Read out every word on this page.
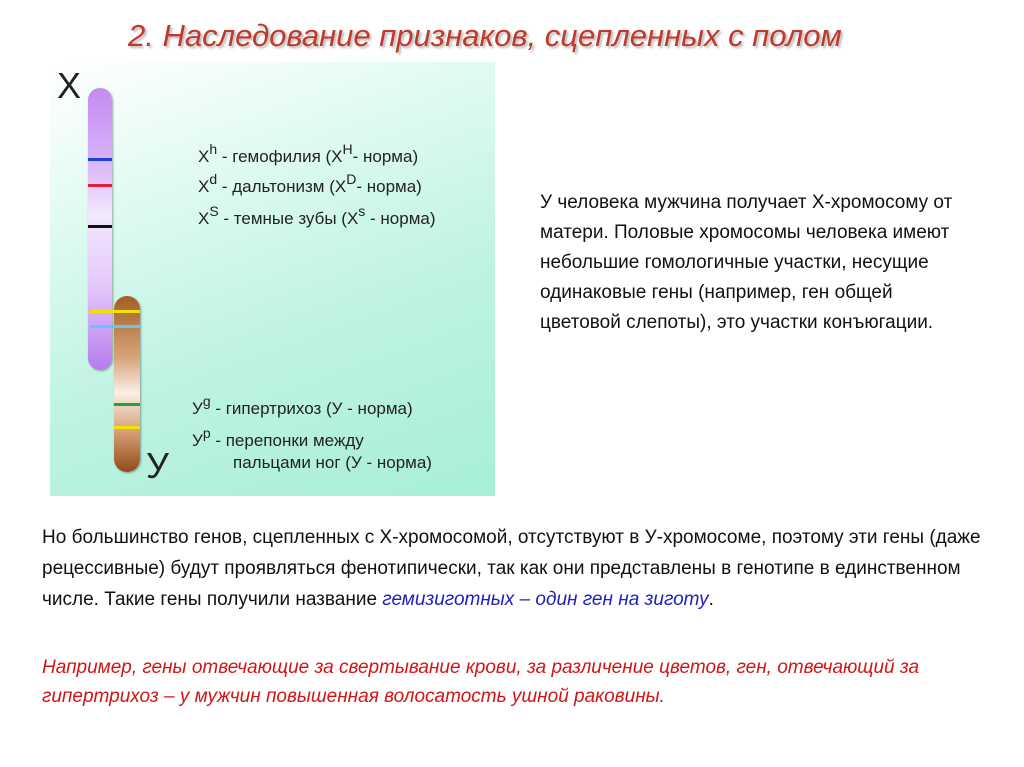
2. Наследование признаков, сцепленных с полом
X
У
$X^h$ - гемофилия ($X^H-$ норма)
$X^d$ - дальтонизм ($X^D-$ норма)
$X^S$ - темные зубы ($X^s$ - норма)
$У^g$ - гипертрихоз (У - норма)
$У^p$ - перепонки между
пальцами ног (У - норма)
У человека мужчина получает Х-хромосому от матери. Половые хромосомы человека имеют небольшие гомологичные участки, несущие одинаковые гены (например, ген общей цветовой слепоты), это участки конъюгации.
Но большинство генов, сцепленных с Х-хромосомой, отсутствуют в У-хромосоме, поэтому эти гены (даже рецессивные) будут проявляться фенотипически, так как они представлены в генотипе в единственном числе. Такие гены получили название гемизиготных – один ген на зиготу.
Например, гены отвечающие за свертывание крови, за различение цветов, ген, отвечающий за гипертрихоз – у мужчин повышенная волосатость ушной раковины.
